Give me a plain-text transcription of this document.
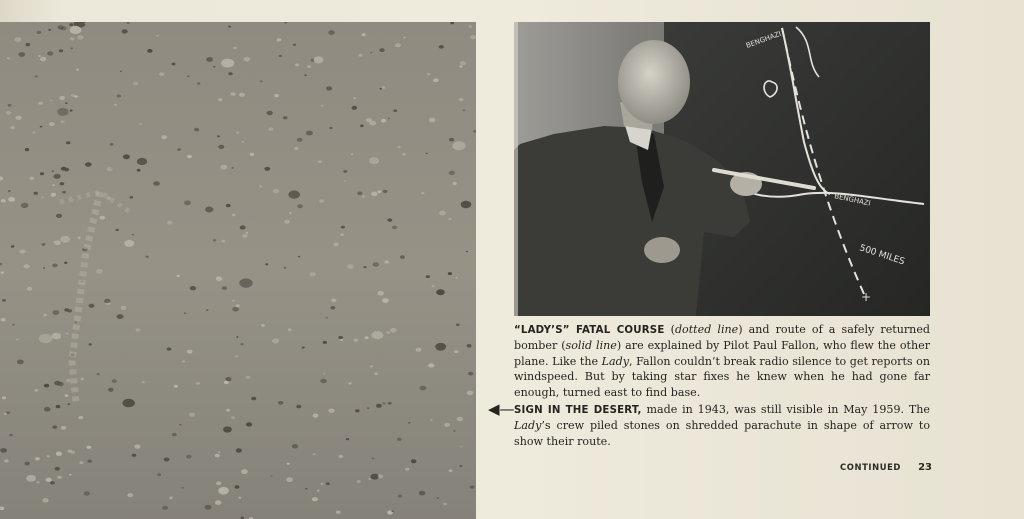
BENGHAZI
BENGHAZI
500 MILES
+
“LADY’S” FATAL COURSE (dotted line) and route of a safely returned bomber (solid line) are explained by Pilot Paul Fallon, who flew the other plane. Like the Lady, Fallon couldn’t break radio silence to get reports on windspeed. But by taking star fixes he knew when he had gone far enough, turned east to find base.
◀— SIGN IN THE DESERT, made in 1943, was still visible in May 1959. The Lady’s crew piled stones on shredded parachute in shape of arrow to show their route.
CONTINUED 23
